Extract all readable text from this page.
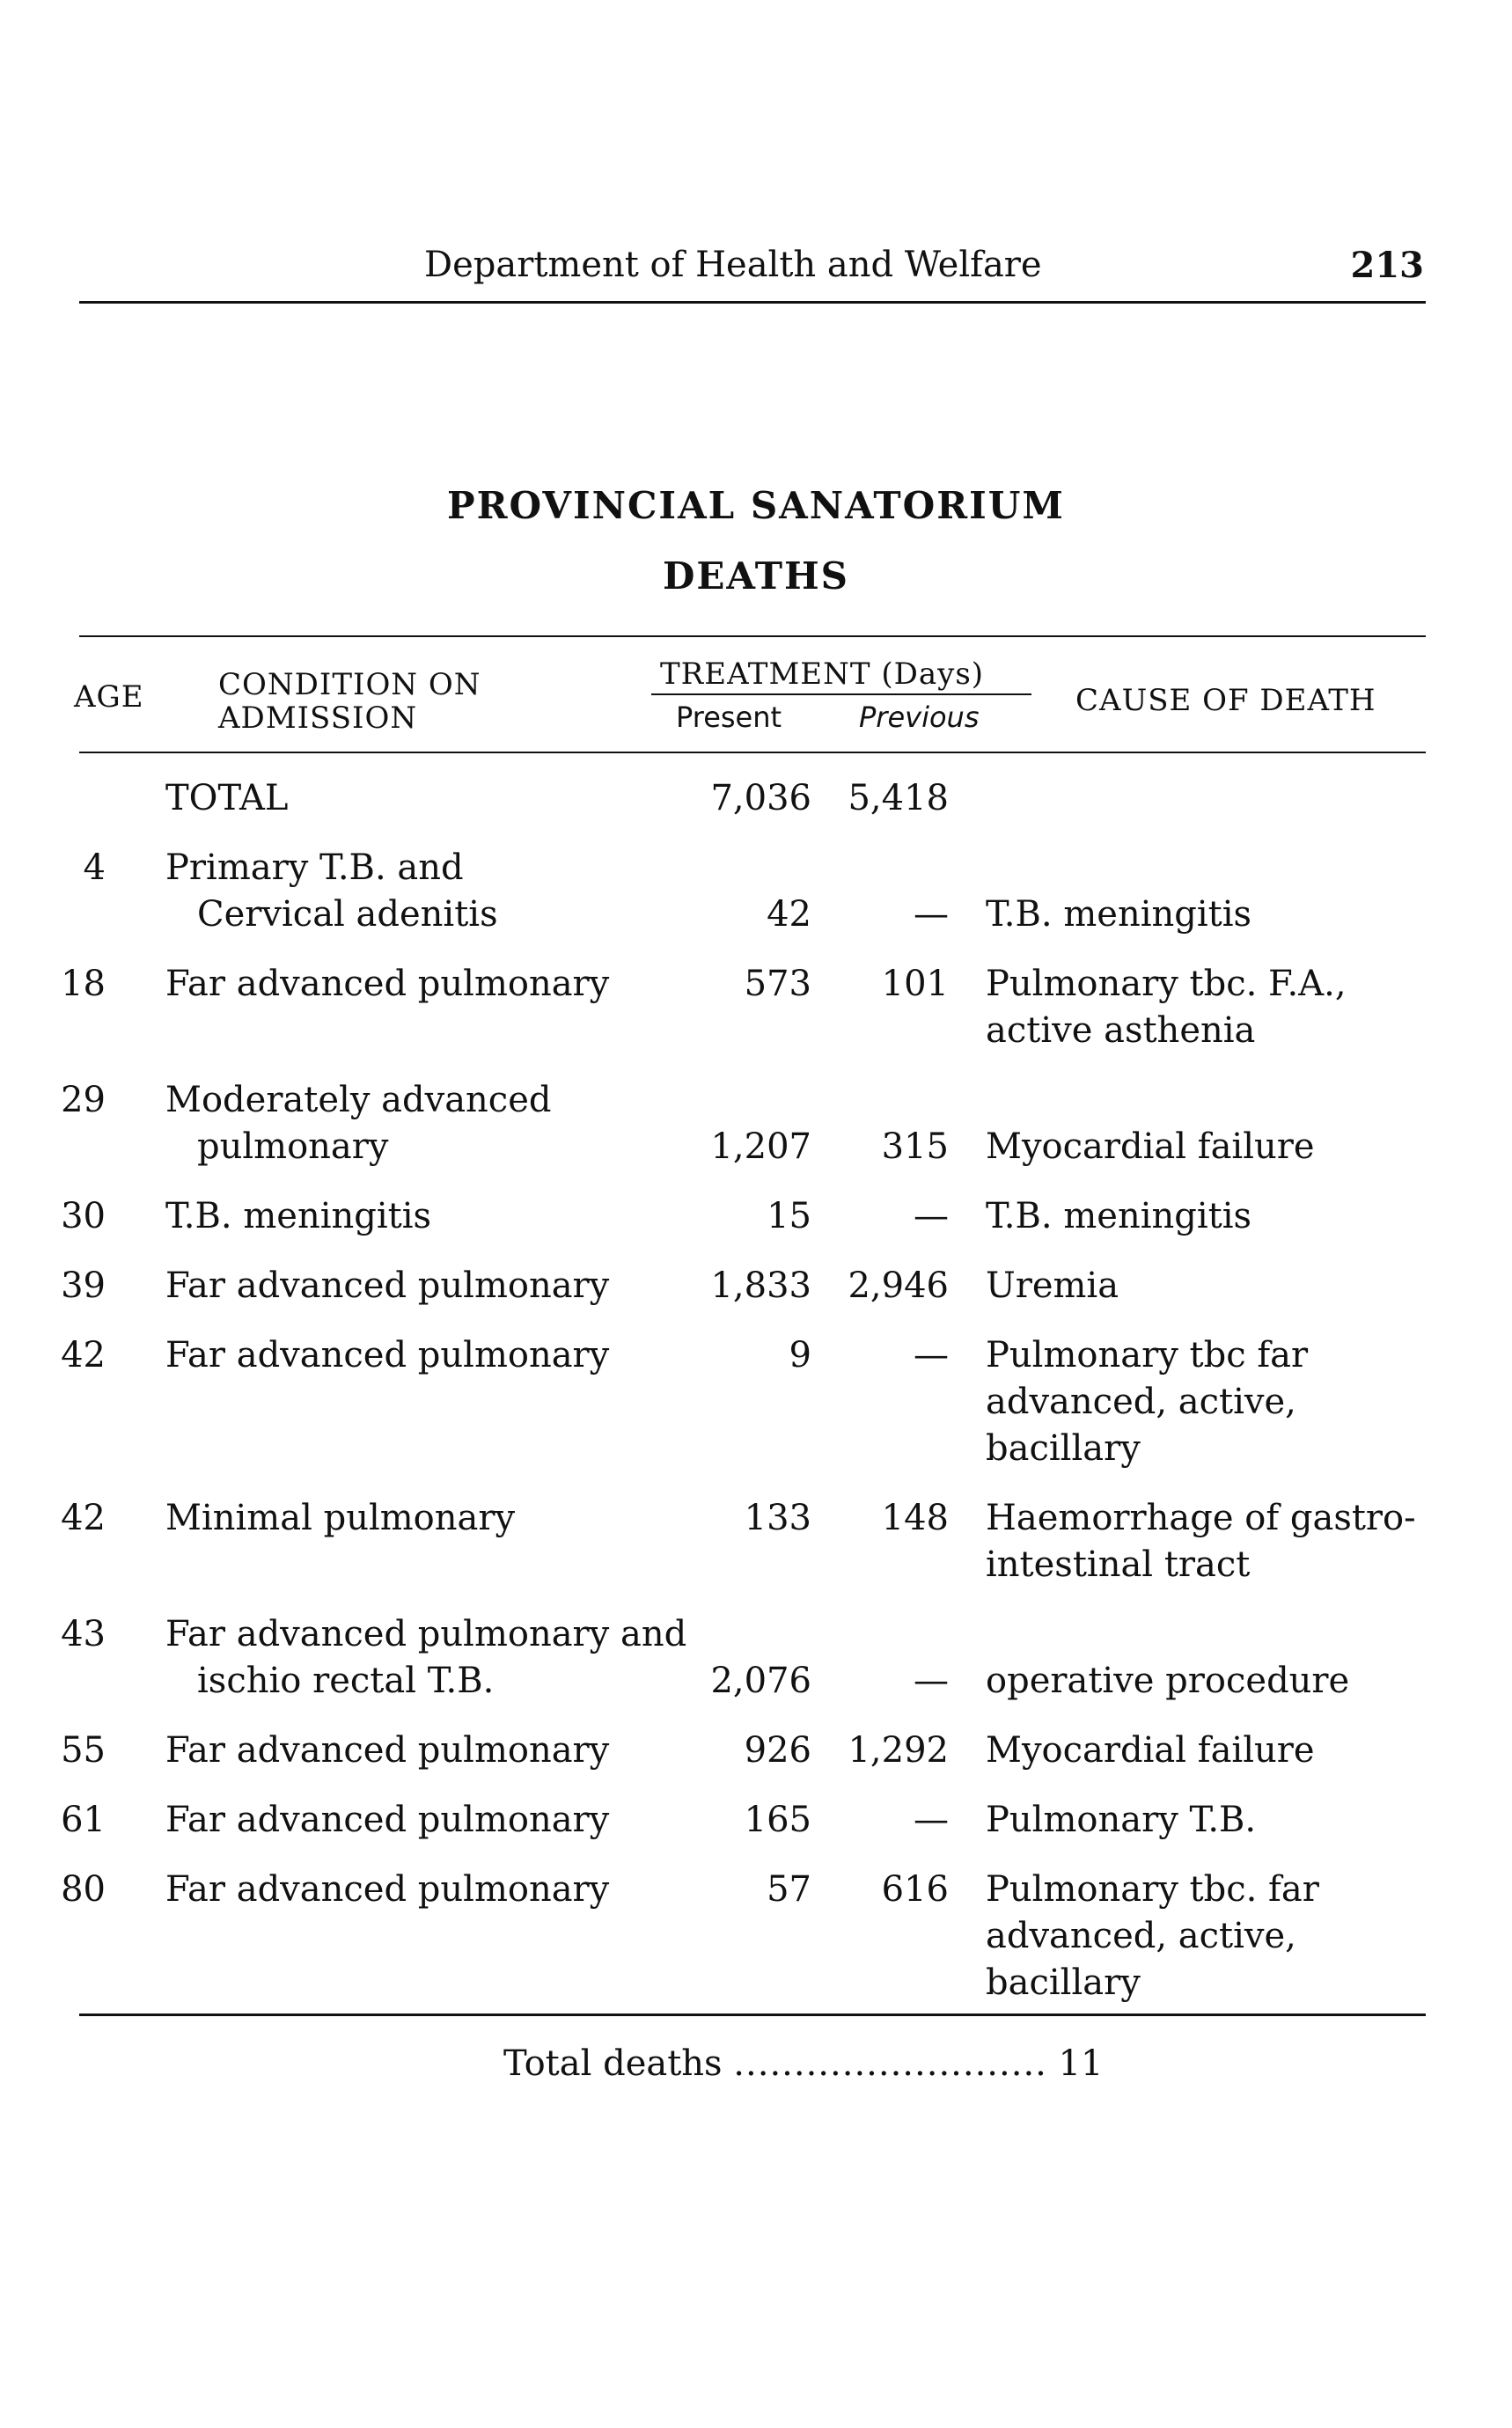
Department of Health and Welfare	213
PROVINCIAL SANATORIUM
DEATHS
AGE CONDITION ON
ADMISSION
TREATMENT (Days)
Present	Previous	CAUSE OF DEATH
TOTAL	7,036	5,418
4 Primary T.B. and
Cervical adenitis	42	— T.B. meningitis
18 Far advanced pulmonary	573	101 Pulmonary tbc. F.A.,
active asthenia
29 Moderately advanced
pulmonary	1,207	315 Myocardial failure
30 T.B. meningitis	15	— T.B. meningitis
39 Far advanced pulmonary	1,833	2,946 Uremia
42 Far advanced pulmonary	9	— Pulmonary tbc far
advanced, active,
bacillary
42 Minimal pulmonary	133	148 Haemorrhage of gastro-
intestinal tract
43 Far advanced pulmonary and
ischio rectal T.B.	2,076	— operative procedure
55 Far advanced pulmonary	926	1,292 Myocardial failure
61 Far advanced pulmonary	165	— Pulmonary T.B.
80 Far advanced pulmonary	57	616 Pulmonary tbc. far
advanced, active,
bacillary
Total deaths .......................... 11
